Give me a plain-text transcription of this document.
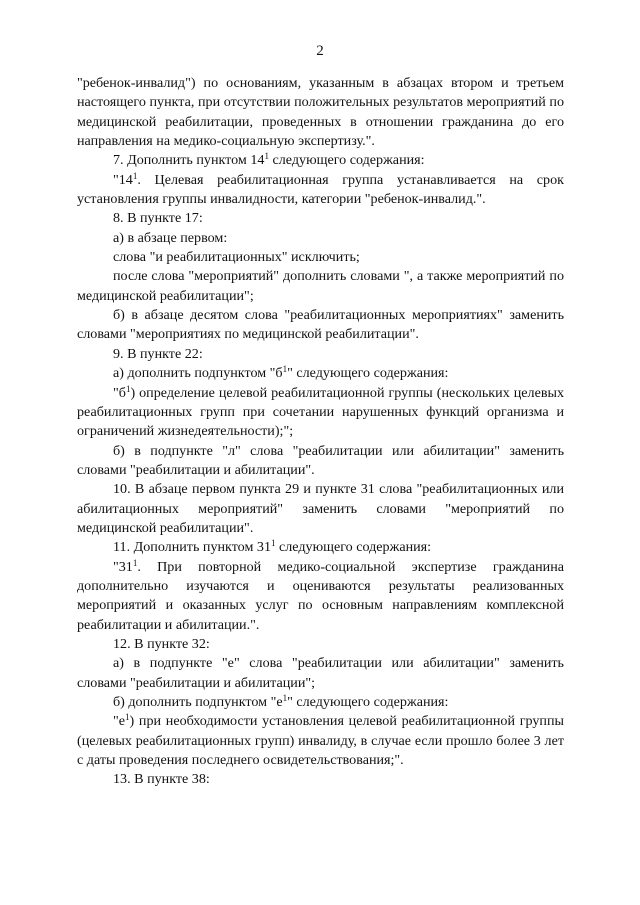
2

"ребенок-инвалид") по основаниям, указанным в абзацах втором и третьем настоящего пункта, при отсутствии положительных результатов мероприятий по медицинской реабилитации, проведенных в отношении гражданина до его направления на медико-социальную экспертизу.".

7. Дополнить пунктом $14^1$ следующего содержания:

"$14^1$. Целевая реабилитационная группа устанавливается на срок установления группы инвалидности, категории "ребенок-инвалид.".

8. В пункте 17:

а) в абзаце первом:

слова "и реабилитационных" исключить;

после слова "мероприятий" дополнить словами ", а также мероприятий по медицинской реабилитации";

б) в абзаце десятом слова "реабилитационных мероприятиях" заменить словами "мероприятиях по медицинской реабилитации".

9. В пункте 22:

а) дополнить подпунктом "$б^1$" следующего содержания:

"$б^1$) определение целевой реабилитационной группы (нескольких целевых реабилитационных групп при сочетании нарушенных функций организма и ограничений жизнедеятельности);";

б) в подпункте "л" слова "реабилитации или абилитации" заменить словами "реабилитации и абилитации".

10. В абзаце первом пункта 29 и пункте 31 слова "реабилитационных или абилитационных мероприятий" заменить словами "мероприятий по медицинской реабилитации".

11. Дополнить пунктом $31^1$ следующего содержания:

"$31^1$. При повторной медико-социальной экспертизе гражданина дополнительно изучаются и оцениваются результаты реализованных мероприятий и оказанных услуг по основным направлениям комплексной реабилитации и абилитации.".

12. В пункте 32:

а) в подпункте "е" слова "реабилитации или абилитации" заменить словами "реабилитации и абилитации";

б) дополнить подпунктом "$е^1$" следующего содержания:

"$е^1$) при необходимости установления целевой реабилитационной группы (целевых реабилитационных групп) инвалиду, в случае если прошло более 3 лет с даты проведения последнего освидетельствования;".

13. В пункте 38:
